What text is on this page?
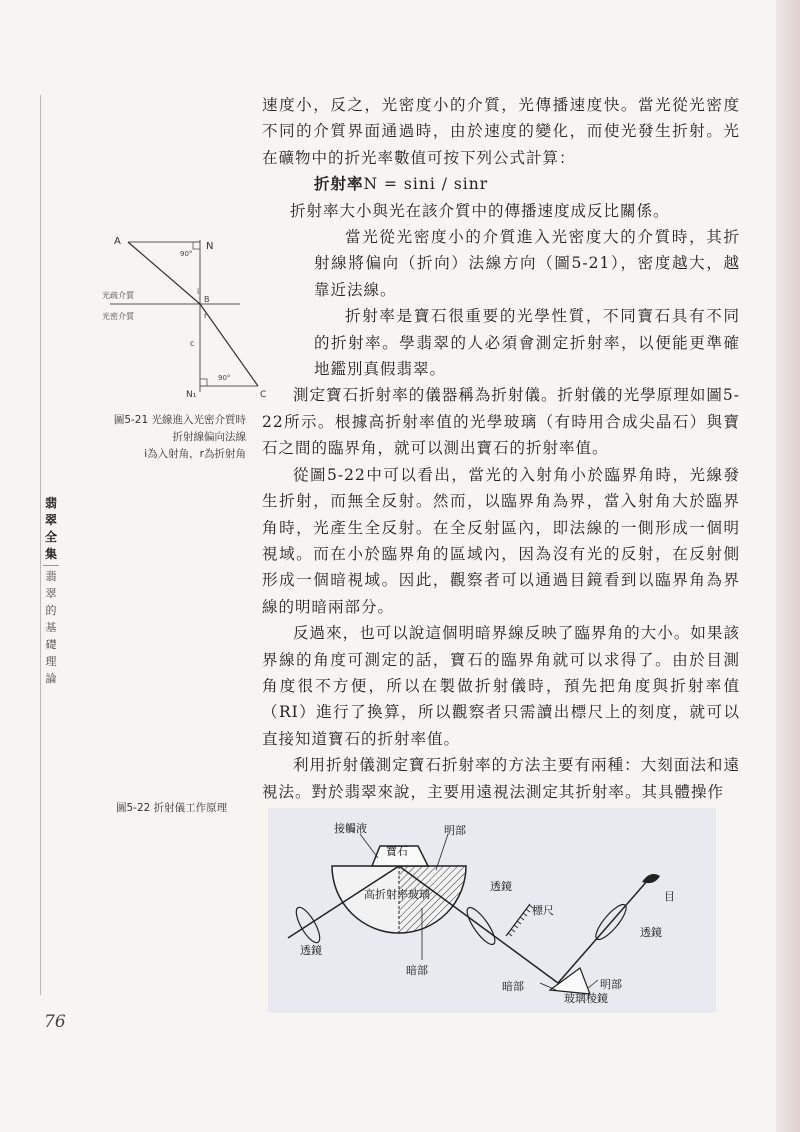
速度小，反之，光密度小的介質，光傳播速度快。當光從光密度不同的介質界面通過時，由於速度的變化，而使光發生折射。光在礦物中的折光率數值可按下列公式計算：

折射率N = sini / sinr

折射率大小與光在該介質中的傳播速度成反比關係。

當光從光密度小的介質進入光密度大的介質時，其折射線將偏向（折向）法線方向（圖5-21），密度越大，越靠近法線。

折射率是寶石很重要的光學性質，不同寶石具有不同的折射率。學翡翠的人必須會測定折射率，以便能更準確地鑑別真假翡翠。

測定寶石折射率的儀器稱為折射儀。折射儀的光學原理如圖5-22所示。根據高折射率值的光學玻璃（有時用合成尖晶石）與寶石之間的臨界角，就可以測出寶石的折射率值。

從圖5-22中可以看出，當光的入射角小於臨界角時，光線發生折射，而無全反射。然而，以臨界角為界，當入射角大於臨界角時，光產生全反射。在全反射區內，即法線的一側形成一個明視域。而在小於臨界角的區域內，因為沒有光的反射，在反射側形成一個暗視域。因此，觀察者可以通過目鏡看到以臨界角為界線的明暗兩部分。

反過來，也可以說這個明暗界線反映了臨界角的大小。如果該界線的角度可測定的話，寶石的臨界角就可以求得了。由於目測角度很不方便，所以在製做折射儀時，預先把角度與折射率值（RI）進行了換算，所以觀察者只需讀出標尺上的刻度，就可以直接知道寶石的折射率值。

利用折射儀測定寶石折射率的方法主要有兩種：大刻面法和遠視法。對於翡翠來說，主要用遠視法測定其折射率。其具體操作

A	N
90°
光疏介質
光密介質
i
B
r
c
N₁
90°
C
圖5-21 光線進入光密介質時
折射線偏向法線
i為入射角，r為折射角
翡翠全集
翡翠的基礎理論
圖5-22 折射儀工作原理
接觸液
寶石
明部
高折射率玻璃
透鏡
標尺
目
透鏡
透鏡
暗部
暗部
玻璃棱鏡
明部
76
